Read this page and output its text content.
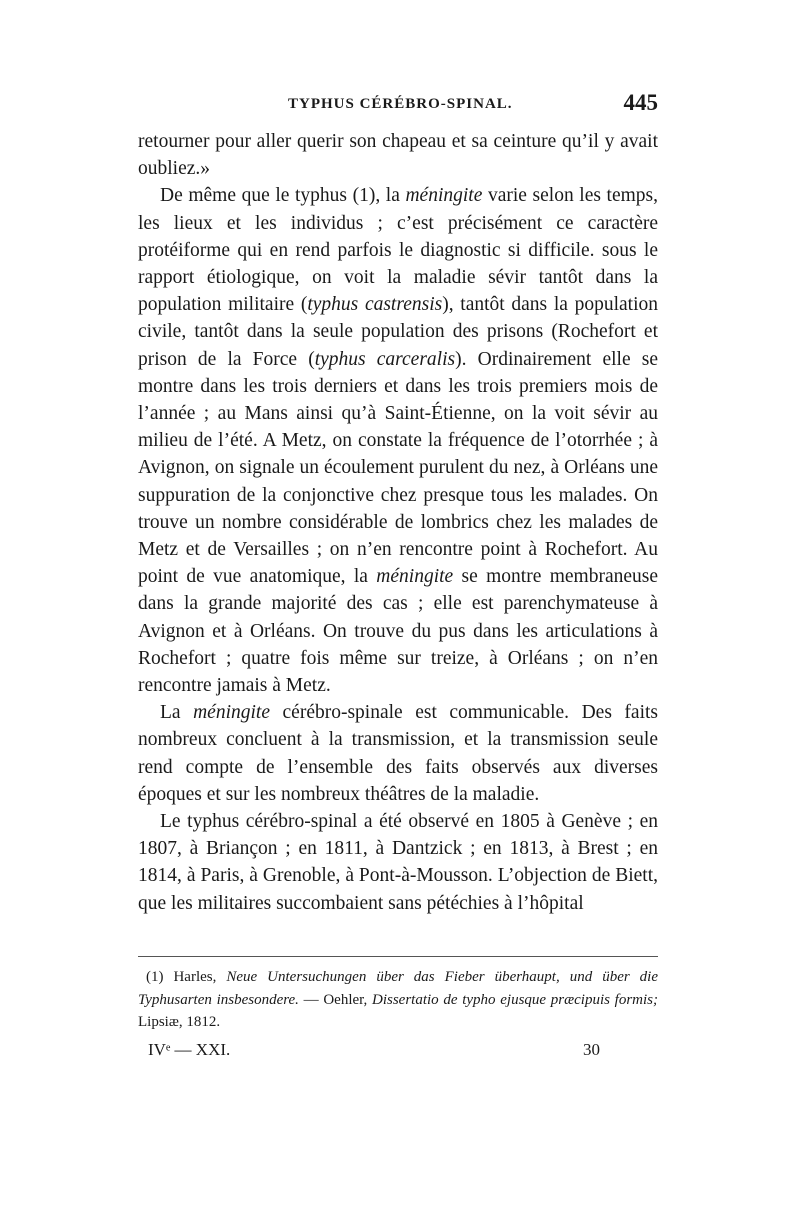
TYPHUS CÉRÉBRO-SPINAL.	445

retourner pour aller querir son chapeau et sa ceinture qu’il y avait oubliez.»

De même que le typhus (1), la méningite varie selon les temps, les lieux et les individus ; c’est précisément ce caractère protéiforme qui en rend parfois le diagnostic si difficile. sous le rapport étiologique, on voit la maladie sévir tantôt dans la population militaire (typhus castrensis), tantôt dans la population civile, tantôt dans la seule population des prisons (Rochefort et prison de la Force (typhus carceralis). Ordinairement elle se montre dans les trois derniers et dans les trois premiers mois de l’année ; au Mans ainsi qu’à Saint-Étienne, on la voit sévir au milieu de l’été. A Metz, on constate la fréquence de l’otorrhée ; à Avignon, on signale un écoulement purulent du nez, à Orléans une suppuration de la conjonctive chez presque tous les malades. On trouve un nombre considérable de lombrics chez les malades de Metz et de Versailles ; on n’en rencontre point à Rochefort. Au point de vue anatomique, la méningite se montre membraneuse dans la grande majorité des cas ; elle est parenchymateuse à Avignon et à Orléans. On trouve du pus dans les articulations à Rochefort ; quatre fois même sur treize, à Orléans ; on n’en rencontre jamais à Metz.

La méningite cérébro-spinale est communicable. Des faits nombreux concluent à la transmission, et la transmission seule rend compte de l’ensemble des faits observés aux diverses époques et sur les nombreux théâtres de la maladie.

Le typhus cérébro-spinal a été observé en 1805 à Genève ; en 1807, à Briançon ; en 1811, à Dantzick ; en 1813, à Brest ; en 1814, à Paris, à Grenoble, à Pont-à-Mousson. L’objection de Biett, que les militaires succombaient sans pétéchies à l’hôpital

(1) Harles, Neue Untersuchungen über das Fieber überhaupt, und über die Typhusarten insbesondere. — Oehler, Dissertatio de typho ejusque præcipuis formis; Lipsiæ, 1812.

IVᵉ — XXI.	30
